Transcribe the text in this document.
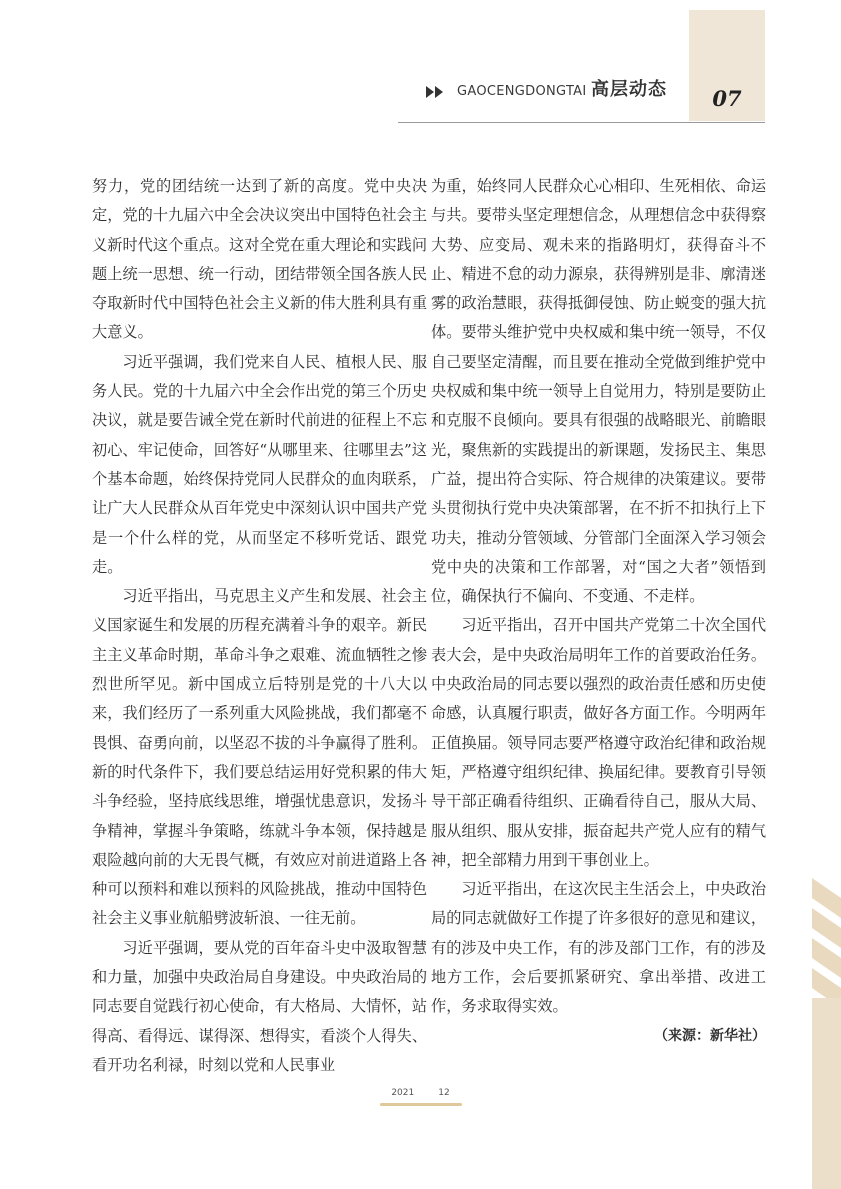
07
GAOCENGDONGTAI 高层动态

努力，党的团结统一达到了新的高度。党中央决定，党的十九届六中全会决议突出中国特色社会主义新时代这个重点。这对全党在重大理论和实践问题上统一思想、统一行动，团结带领全国各族人民夺取新时代中国特色社会主义新的伟大胜利具有重大意义。

习近平强调，我们党来自人民、植根人民、服务人民。党的十九届六中全会作出党的第三个历史决议，就是要告诫全党在新时代前进的征程上不忘初心、牢记使命，回答好“从哪里来、往哪里去”这个基本命题，始终保持党同人民群众的血肉联系，让广大人民群众从百年党史中深刻认识中国共产党是一个什么样的党，从而坚定不移听党话、跟党走。

习近平指出，马克思主义产生和发展、社会主义国家诞生和发展的历程充满着斗争的艰辛。新民主主义革命时期，革命斗争之艰难、流血牺牲之惨烈世所罕见。新中国成立后特别是党的十八大以来，我们经历了一系列重大风险挑战，我们都毫不畏惧、奋勇向前，以坚忍不拔的斗争赢得了胜利。新的时代条件下，我们要总结运用好党积累的伟大斗争经验，坚持底线思维，增强忧患意识，发扬斗争精神，掌握斗争策略，练就斗争本领，保持越是艰险越向前的大无畏气概，有效应对前进道路上各种可以预料和难以预料的风险挑战，推动中国特色社会主义事业航船劈波斩浪、一往无前。

习近平强调，要从党的百年奋斗史中汲取智慧和力量，加强中央政治局自身建设。中央政治局的同志要自觉践行初心使命，有大格局、大情怀，站得高、看得远、谋得深、想得实，看淡个人得失、看开功名利禄，时刻以党和人民事业

为重，始终同人民群众心心相印、生死相依、命运与共。要带头坚定理想信念，从理想信念中获得察大势、应变局、观未来的指路明灯，获得奋斗不止、精进不怠的动力源泉，获得辨别是非、廓清迷雾的政治慧眼，获得抵御侵蚀、防止蜕变的强大抗体。要带头维护党中央权威和集中统一领导，不仅自己要坚定清醒，而且要在推动全党做到维护党中央权威和集中统一领导上自觉用力，特别是要防止和克服不良倾向。要具有很强的战略眼光、前瞻眼光，聚焦新的实践提出的新课题，发扬民主、集思广益，提出符合实际、符合规律的决策建议。要带头贯彻执行党中央决策部署，在不折不扣执行上下功夫，推动分管领域、分管部门全面深入学习领会党中央的决策和工作部署，对“国之大者”领悟到位，确保执行不偏向、不变通、不走样。

习近平指出，召开中国共产党第二十次全国代表大会，是中央政治局明年工作的首要政治任务。中央政治局的同志要以强烈的政治责任感和历史使命感，认真履行职责，做好各方面工作。今明两年正值换届。领导同志要严格遵守政治纪律和政治规矩，严格遵守组织纪律、换届纪律。要教育引导领导干部正确看待组织、正确看待自己，服从大局、服从组织、服从安排，振奋起共产党人应有的精气神，把全部精力用到干事创业上。

习近平指出，在这次民主生活会上，中央政治局的同志就做好工作提了许多很好的意见和建议，有的涉及中央工作，有的涉及部门工作，有的涉及地方工作，会后要抓紧研究、拿出举措、改进工作，务求取得实效。

（来源：新华社）
2021	12
